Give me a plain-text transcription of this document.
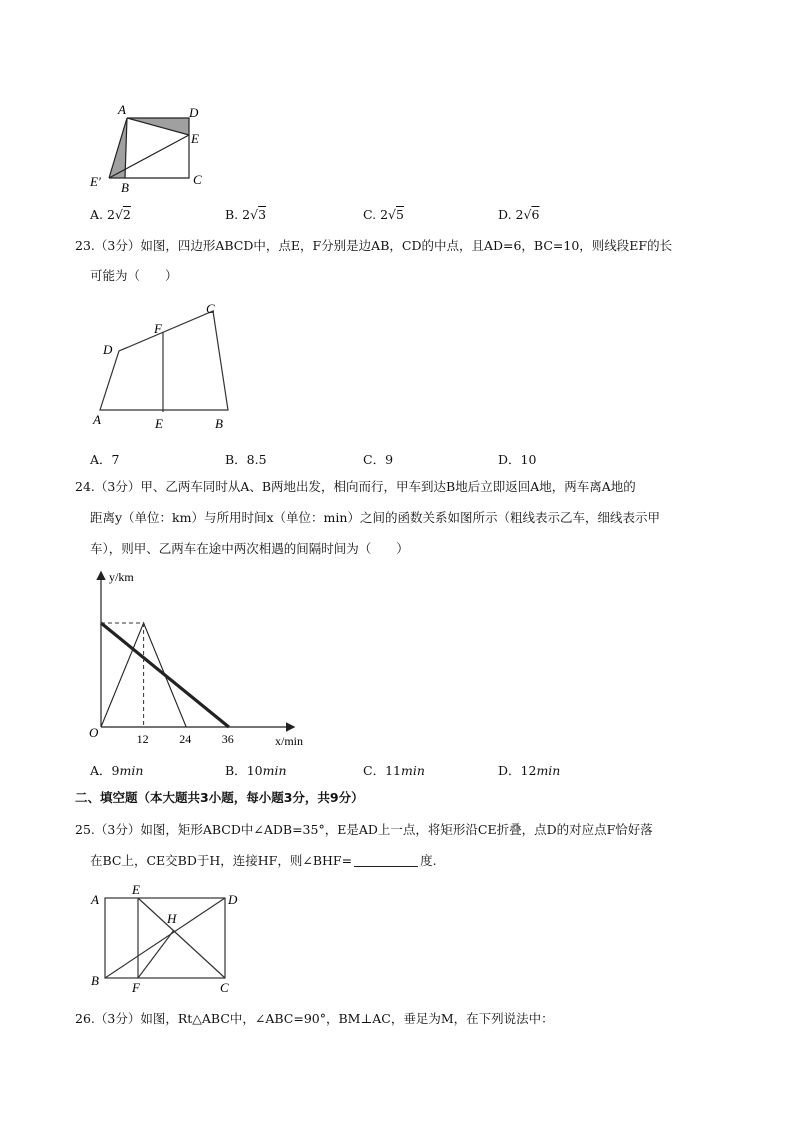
A	D
E
E′ B
C
A. 2√2	B. 2√3	C. 2√5	D. 2√6
23.（3分）如图，四边形ABCD中，点E，F分别是边AB，CD的中点，且AD=6，BC=10，则线段EF的长
可能为（　　）
A	E	B
D
F
C
A．7	B．8.5	C．9	D．10
24.（3分）甲、乙两车同时从A、B两地出发，相向而行，甲车到达B地后立即返回A地，两车离A地的
距离y（单位：km）与所用时间x（单位：min）之间的函数关系如图所示（粗线表示乙车，细线表示甲
车），则甲、乙两车在途中两次相遇的间隔时间为（　　）
y/km
x/min
O	12	24	36
A．9min	B．10min	C．11min	D．12min
二、填空题（本大题共3小题，每小题3分，共9分）
25.（3分）如图，矩形ABCD中∠ADB=35°，E是AD上一点，将矩形沿CE折叠，点D的对应点F恰好落
在BC上，CE交BD于H，连接HF，则∠BHF=	度.
A
E
D
H
B	F	C
26.（3分）如图，Rt△ABC中，∠ABC=90°，BM⊥AC，垂足为M，在下列说法中：
